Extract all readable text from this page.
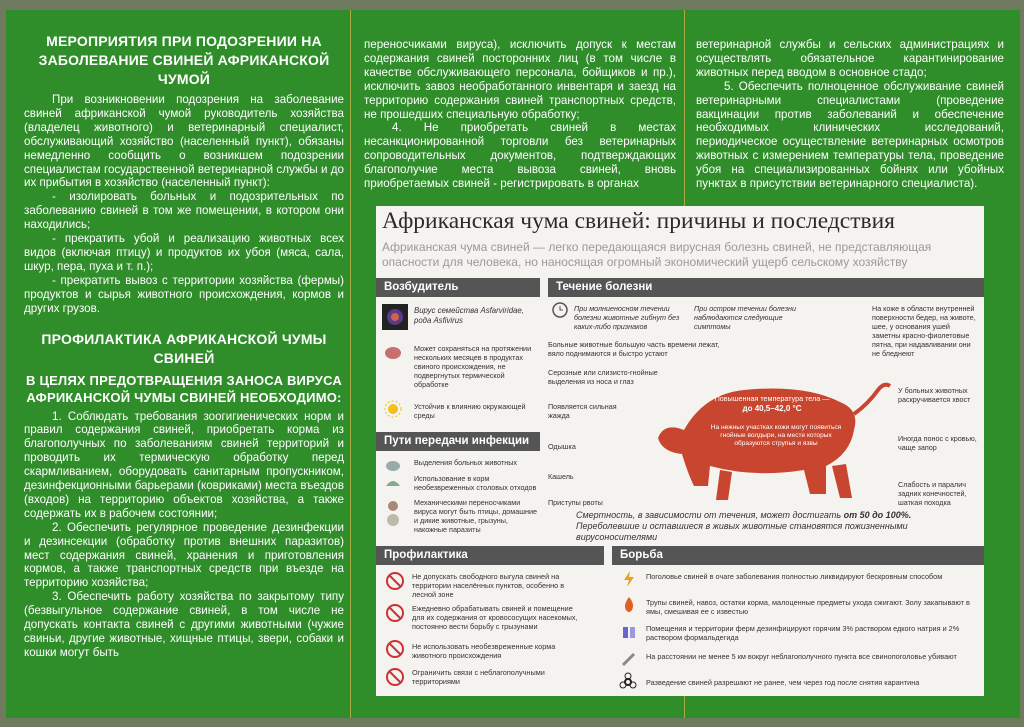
МЕРОПРИЯТИЯ ПРИ ПОДОЗРЕНИИ НА ЗАБОЛЕВАНИЕ СВИНЕЙ АФРИКАНСКОЙ ЧУМОЙ
При возникновении подозрения на заболевание свиней африканской чумой руководитель хозяйства (владелец животного) и ветеринарный специалист, обслуживающий хозяйство (населенный пункт), обязаны немедленно сообщить о возникшем подозрении специалистам государственной ветеринарной службы и до их прибытия в хозяйство (населенный пункт):
- изолировать больных и подозрительных по заболеванию свиней в том же помещении, в котором они находились;
- прекратить убой и реализацию животных всех видов (включая птицу) и продуктов их убоя (мяса, сала, шкур, пера, пуха и т. п.);
- прекратить вывоз с территории хозяйства (фермы) продуктов и сырья животного происхождения, кормов и других грузов.
ПРОФИЛАКТИКА АФРИКАНСКОЙ ЧУМЫ СВИНЕЙ
В ЦЕЛЯХ ПРЕДОТВРАЩЕНИЯ ЗАНОСА ВИРУСА АФРИКАНСКОЙ ЧУМЫ СВИНЕЙ НЕОБХОДИМО:
1. Соблюдать требования зоогигиенических норм и правил содержания свиней, приобретать корма из благополучных по заболеваниям свиней территорий и проводить их термическую обработку перед скармливанием, оборудовать санитарным пропускником, дезинфекционными барьерами (ковриками) места въездов (входов) на территорию объектов хозяйства, а также содержать их в рабочем состоянии;
2. Обеспечить регулярное проведение дезинфекции и дезинсекции (обработку против внешних паразитов) мест содержания свиней, хранения и приготовления кормов, а также транспортных средств при въезде на территорию хозяйства;
3. Обеспечить работу хозяйства по закрытому типу (безвыгульное содержание свиней, в том числе не допускать контакта свиней с другими животными (чужие свиньи, другие животные, хищные птицы, звери, собаки и кошки могут быть
переносчиками вируса), исключить допуск к местам содержания свиней посторонних лиц (в том числе в качестве обслуживающего персонала, бойщиков и пр.), исключить завоз необработанного инвентаря и заезд на территорию содержания свиней транспортных средств, не прошедших специальную обработку;
4. Не приобретать свиней в местах несанкционированной торговли без ветеринарных сопроводительных документов, подтверждающих благополучие места вывоза свиней, вновь приобретаемых свиней - регистрировать в органах
ветеринарной службы и сельских администрациях и осуществлять обязательное карантинирование животных перед вводом в основное стадо;
5. Обеспечить полноценное обслуживание свиней ветеринарными специалистами (проведение вакцинации против заболеваний и обеспечение необходимых клинических исследований, периодическое осуществление ветеринарных осмотров животных с измерением температуры тела, проведение убоя на специализированных бойнях или убойных пунктах в присутствии ветеринарного специалиста).
Африканская чума свиней: причины и последствия
Африканская чума свиней — легко передающаяся вирусная болезнь свиней, не представляющая опасности для человека, но наносящая огромный экономический ущерб сельскому хозяйству
Возбудитель
Вирус семейства Asfarviridae, рода Asfivirus
Может сохраняться на протяжении нескольких месяцев в продуктах свиного происхождения, не подвергнутых термической обработке
Устойчив к влиянию окружающей среды
Пути передачи инфекции
Выделения больных животных
Использование в корм необезвреженных столовых отходов
Механическими переносчиками вируса могут быть птицы, домашние и дикие животные, грызуны, накожные паразиты
Течение болезни
При молниеносном течении болезни животные гибнут без каких-либо признаков
При остром течении болезни наблюдаются следующие симптомы
Больные животные большую часть времени лежат, вяло поднимаются и быстро устают
Серозные или слизисто-гнойные выделения из носа и глаз
Появляется сильная жажда
Одышка
Кашель
Приступы рвоты
На коже в области внутренней поверхности бедер, на животе, шее, у основания ушей заметны красно-фиолетовые пятна, при надавливании они не бледнеют
У больных животных раскручивается хвост
Иногда понос с кровью, чаще запор
Слабость и паралич задних конечностей, шаткая походка
Повышенная температура тела —
до 40,5–42,0 °С
На нежных участках кожи могут появиться гнойные волдыри, на месте которых образуются струпья и язвы
Смертность, в зависимости от течения, может достигать от 50 до 100%. Переболевшие и оставшиеся в живых животные становятся пожизненными вирусоносителями
Профилактика
Не допускать свободного выгула свиней на территории населённых пунктов, особенно в лесной зоне
Ежедневно обрабатывать свиней и помещение для их содержания от кровососущих насекомых, постоянно вести борьбу с грызунами
Не использовать необезвреженные корма животного происхождения
Ограничить связи с неблагополучными территориями
Борьба
Поголовье свиней в очаге заболевания полностью ликвидируют бескровным способом
Трупы свиней, навоз, остатки корма, малоценные предметы ухода сжигают. Золу закапывают в ямы, смешивая ее с известью
Помещения и территории ферм дезинфицируют горячим 3% раствором едкого натрия и 2% раствором формальдегида
На расстоянии не менее 5 км вокруг неблагополучного пункта все свинопоголовье убивают
Разведение свиней разрешают не ранее, чем через год после снятия карантина
